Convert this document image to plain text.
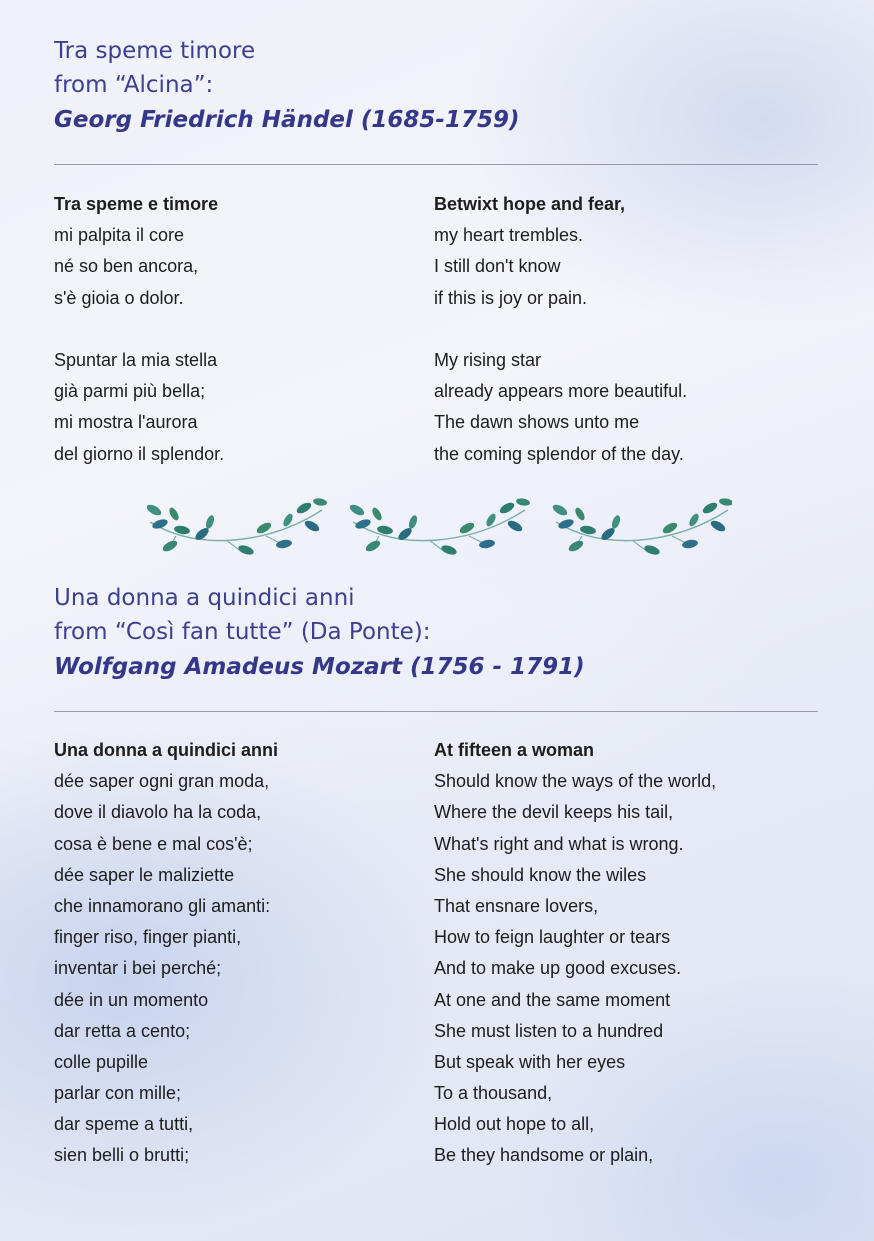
Tra speme timore

from “Alcina”:

Georg Friedrich Händel (1685-1759)

Tra speme e timore
mi palpita il core
né so ben ancora,
s'è gioia o dolor.
Spuntar la mia stella
già parmi più bella;
mi mostra l'aurora
del giorno il splendor.
Betwixt hope and fear,
my heart trembles.
I still don't know
if this is joy or pain.
My rising star
already appears more beautiful.
The dawn shows unto me
the coming splendor of the day.

Una donna a quindici anni

from “Così fan tutte” (Da Ponte):

Wolfgang Amadeus Mozart (1756 - 1791)

Una donna a quindici anni
dée saper ogni gran moda,
dove il diavolo ha la coda,
cosa è bene e mal cos'è;
dée saper le maliziette
che innamorano gli amanti:
finger riso, finger pianti,
inventar i bei perché;
dée in un momento
dar retta a cento;
colle pupille
parlar con mille;
dar speme a tutti,
sien belli o brutti;
At fifteen a woman
Should know the ways of the world,
Where the devil keeps his tail,
What's right and what is wrong.
She should know the wiles
That ensnare lovers,
How to feign laughter or tears
And to make up good excuses.
At one and the same moment
She must listen to a hundred
But speak with her eyes
To a thousand,
Hold out hope to all,
Be they handsome or plain,
